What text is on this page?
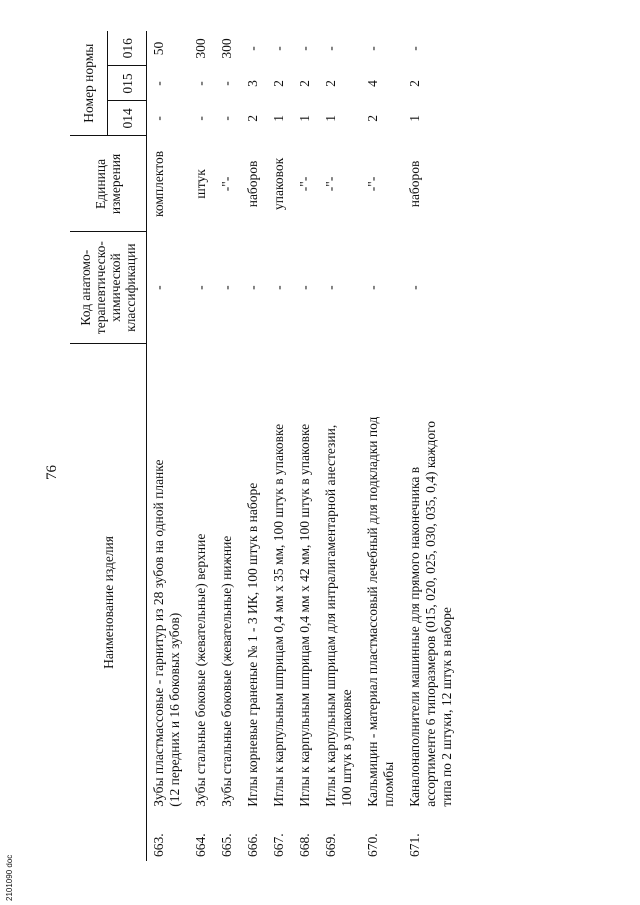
76
Наименование изделия		Код анатомо- терапевтическо- химической классификации	Единица измерения	Номер нормы		
				014	015	016
663.	Зубы пластмассовые - гарнитур из 28 зубов на одной планке (12 передних и 16 боковых зубов)	-	комплектов	-	-	50
664.	Зубы стальные боковые (жевательные) верхние	-	штук	-	-	300
665.	Зубы стальные боковые (жевательные) нижние	-	-"-	-	-	300
666.	Иглы корневые граненые № 1 - 3 ИК, 100 штук в наборе	-	наборов	2	3	-
667.	Иглы к карпульным шприцам 0,4 мм x 35 мм, 100 штук в упаковке	-	упаковок	1	2	-
668.	Иглы к карпульным шприцам 0,4 мм x 42 мм, 100 штук в упаковке	-	-"-	1	2	-
669.	Иглы к карпульным шприцам для интралигаментарной анестезии, 100 штук в упаковке	-	-"-	1	2	-
670.	Кальмицин - материал пластмассовый лечебный для подкладки под пломбы	-	-"-	2	4	-
671.	Каналонаполнители машинные для прямого наконечника в ассортименте 6 типоразмеров (015, 020, 025, 030, 035, 0,4) каждого типа по 2 штуки, 12 штук в наборе	-	наборов	1	2	-
2101090 doc
